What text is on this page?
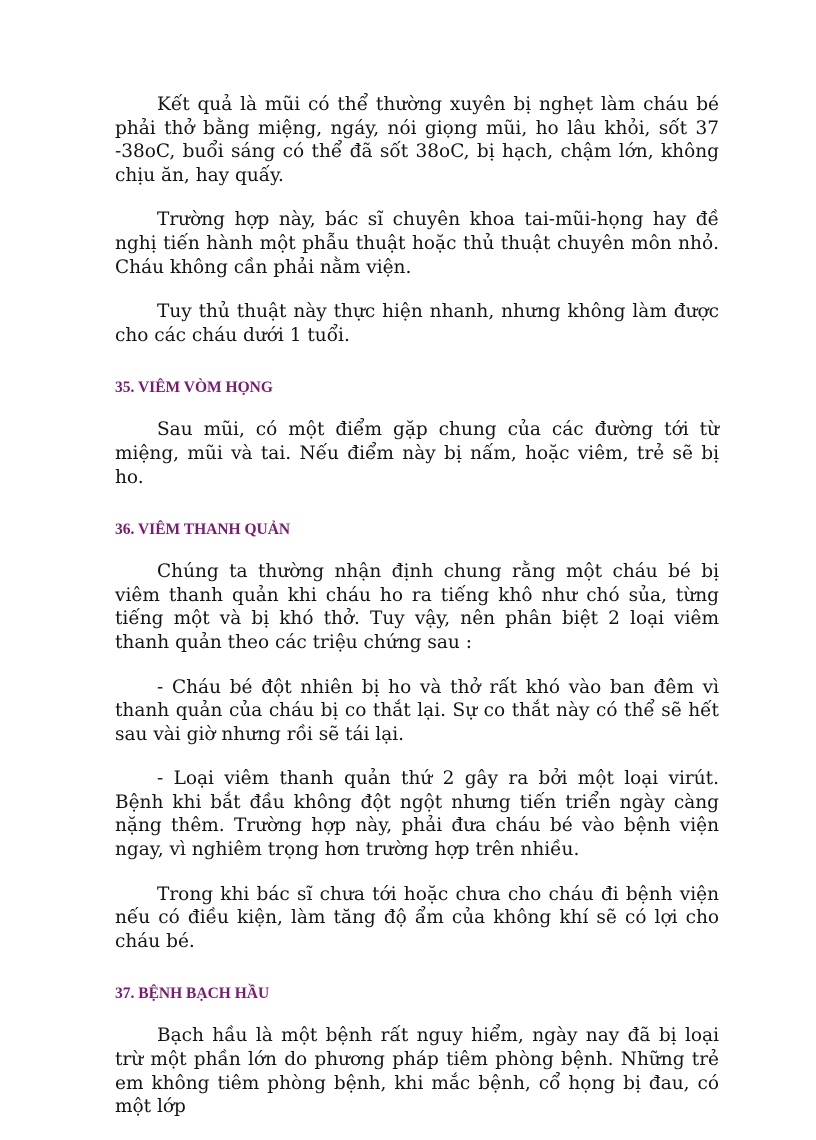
Kết quả là mũi có thể thường xuyên bị nghẹt làm cháu bé phải thở bằng miệng, ngáy, nói giọng mũi, ho lâu khỏi, sốt 37 -38oC, buổi sáng có thể đã sốt 38oC, bị hạch, chậm lớn, không chịu ăn, hay quấy.

Trường hợp này, bác sĩ chuyên khoa tai-mũi-họng hay đề nghị tiến hành một phẫu thuật hoặc thủ thuật chuyên môn nhỏ. Cháu không cần phải nằm viện.

Tuy thủ thuật này thực hiện nhanh, nhưng không làm được cho các cháu dưới 1 tuổi.

35. VIÊM VÒM HỌNG

Sau mũi, có một điểm gặp chung của các đường tới từ miệng, mũi và tai. Nếu điểm này bị nấm, hoặc viêm, trẻ sẽ bị ho.

36. VIÊM THANH QUẢN

Chúng ta thường nhận định chung rằng một cháu bé bị viêm thanh quản khi cháu ho ra tiếng khô như chó sủa, từng tiếng một và bị khó thở. Tuy vậy, nên phân biệt 2 loại viêm thanh quản theo các triệu chứng sau :

- Cháu bé đột nhiên bị ho và thở rất khó vào ban đêm vì thanh quản của cháu bị co thắt lại. Sự co thắt này có thể sẽ hết sau vài giờ nhưng rồi sẽ tái lại.

- Loại viêm thanh quản thứ 2 gây ra bởi một loại virút. Bệnh khi bắt đầu không đột ngột nhưng tiến triển ngày càng nặng thêm. Trường hợp này, phải đưa cháu bé vào bệnh viện ngay, vì nghiêm trọng hơn trường hợp trên nhiều.

Trong khi bác sĩ chưa tới hoặc chưa cho cháu đi bệnh viện nếu có điều kiện, làm tăng độ ẩm của không khí sẽ có lợi cho cháu bé.

37. BỆNH BẠCH HẦU

Bạch hầu là một bệnh rất nguy hiểm, ngày nay đã bị loại trừ một phần lớn do phương pháp tiêm phòng bệnh. Những trẻ em không tiêm phòng bệnh, khi mắc bệnh, cổ họng bị đau, có một lớp
